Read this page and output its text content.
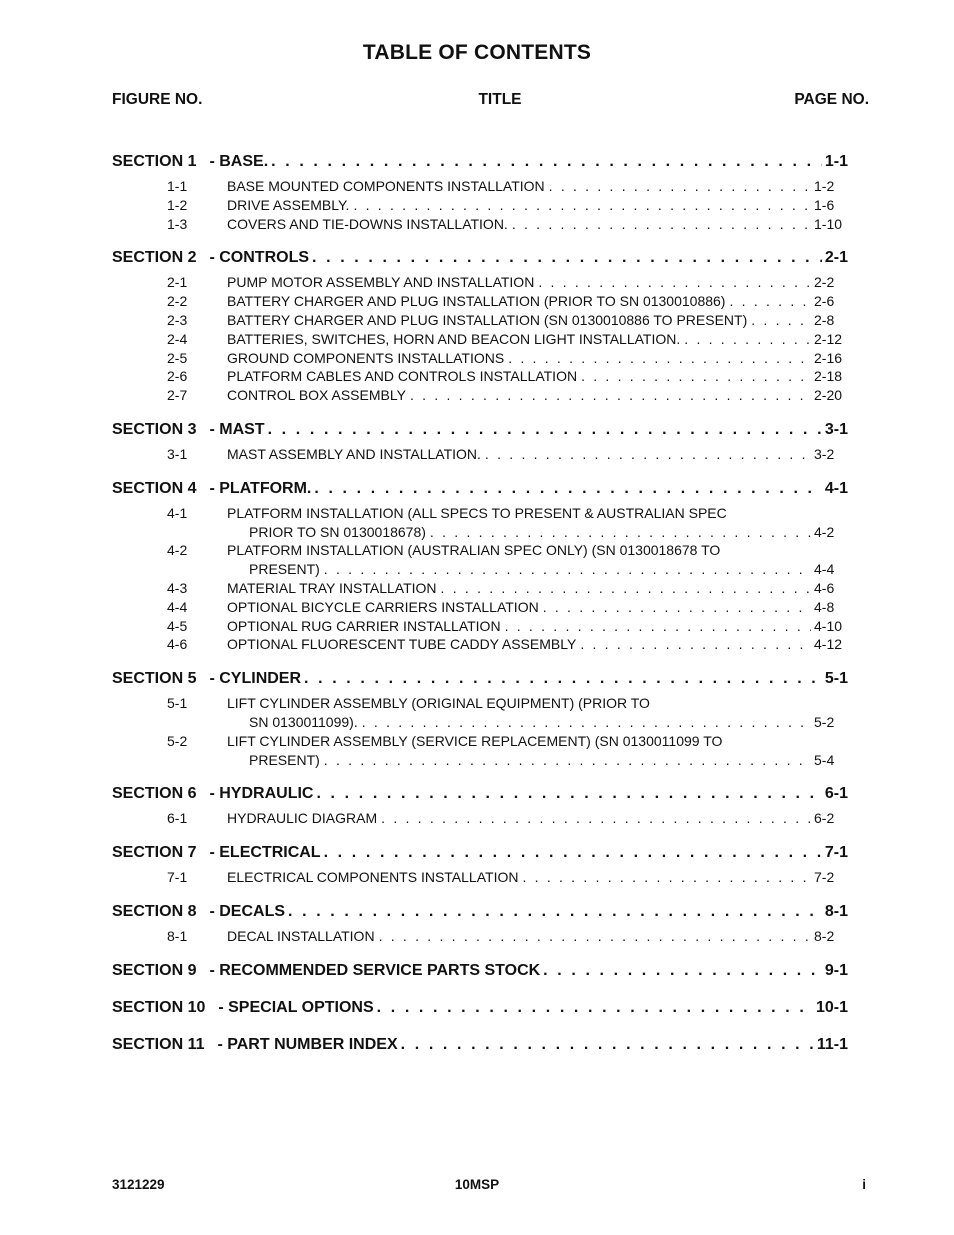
TABLE OF CONTENTS
FIGURE NO.	TITLE	PAGE NO.
SECTION 1 - BASE. . . .	1-1
1-1	BASE MOUNTED COMPONENTS INSTALLATION . . .	1-2
1-2	DRIVE ASSEMBLY. . . .	1-6
1-3	COVERS AND TIE-DOWNS INSTALLATION. . . .	1-10
SECTION 2 - CONTROLS . . .	2-1
2-1	PUMP MOTOR ASSEMBLY AND INSTALLATION . . .	2-2
2-2	BATTERY CHARGER AND PLUG INSTALLATION (PRIOR TO SN 0130010886) . . .	2-6
2-3	BATTERY CHARGER AND PLUG INSTALLATION (SN 0130010886 TO PRESENT) . . .	2-8
2-4	BATTERIES, SWITCHES, HORN AND BEACON LIGHT INSTALLATION. . . .	2-12
2-5	GROUND COMPONENTS INSTALLATIONS . . .	2-16
2-6	PLATFORM CABLES AND CONTROLS INSTALLATION . . .	2-18
2-7	CONTROL BOX ASSEMBLY . . .	2-20
SECTION 3 - MAST . . .	3-1
3-1	MAST ASSEMBLY AND INSTALLATION. . . .	3-2
SECTION 4 - PLATFORM. . . .	4-1
4-1	PLATFORM INSTALLATION (ALL SPECS TO PRESENT & AUSTRALIAN SPEC
PRIOR TO SN 0130018678) . . .	4-2
4-2	PLATFORM INSTALLATION (AUSTRALIAN SPEC ONLY) (SN 0130018678 TO
PRESENT) . . .	4-4
4-3	MATERIAL TRAY INSTALLATION . . .	4-6
4-4	OPTIONAL BICYCLE CARRIERS INSTALLATION . . .	4-8
4-5	OPTIONAL RUG CARRIER INSTALLATION . . .	4-10
4-6	OPTIONAL FLUORESCENT TUBE CADDY ASSEMBLY . . .	4-12
SECTION 5 - CYLINDER . . .	5-1
5-1	LIFT CYLINDER ASSEMBLY (ORIGINAL EQUIPMENT) (PRIOR TO
SN 0130011099). . . .	5-2
5-2	LIFT CYLINDER ASSEMBLY (SERVICE REPLACEMENT) (SN 0130011099 TO
PRESENT) . . .	5-4
SECTION 6 - HYDRAULIC . . .	6-1
6-1	HYDRAULIC DIAGRAM . . .	6-2
SECTION 7 - ELECTRICAL . . .	7-1
7-1	ELECTRICAL COMPONENTS INSTALLATION . . .	7-2
SECTION 8 - DECALS . . .	8-1
8-1	DECAL INSTALLATION . . .	8-2
SECTION 9 - RECOMMENDED SERVICE PARTS STOCK . . .	9-1
SECTION 10 - SPECIAL OPTIONS . . .	10-1
SECTION 11 - PART NUMBER INDEX . . .	11-1
3121229	10MSP	i
